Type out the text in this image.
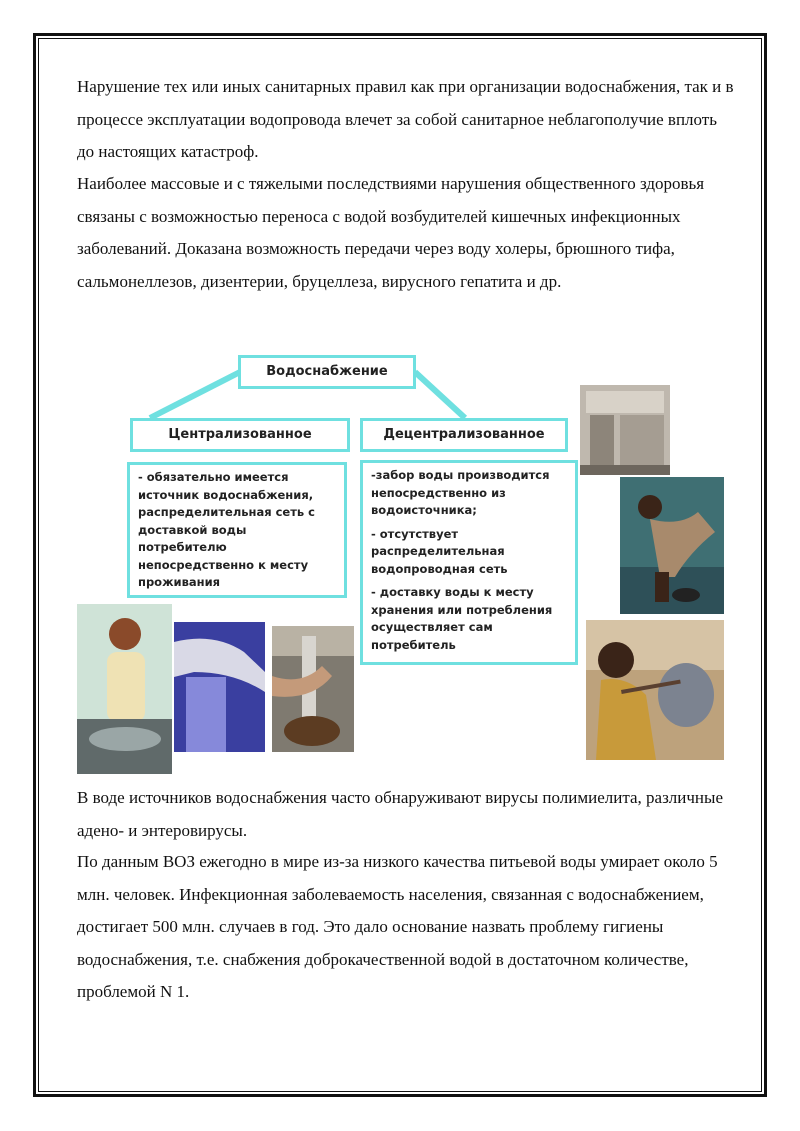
Нарушение тех или иных санитарных правил как при организации водоснабжения, так и в процессе эксплуатации водопровода влечет за собой санитарное неблагополучие вплоть до настоящих катастроф.

Наиболее массовые и с тяжелыми последствиями нарушения общественного здоровья связаны с возможностью переноса с водой возбудителей кишечных инфекционных заболеваний. Доказана возможность передачи через воду холеры, брюшного тифа, сальмонеллезов, дизентерии, бруцеллеза, вирусного гепатита и др.

Водоснабжение
Централизованное	Децентрализованное
- обязательно имеется источник водоснабжения, распределительная сеть с доставкой воды потребителю непосредственно к месту проживания

-забор воды производится непосредственно из водоисточника;

- отсутствует распределительная водопроводная сеть

- доставку воды к месту хранения или потребления осуществляет сам потребитель

В воде источников водоснабжения часто обнаруживают вирусы полимиелита, различные адено- и энтеровирусы.

По данным ВОЗ ежегодно в мире из-за низкого качества питьевой воды умирает около 5 млн. человек. Инфекционная заболеваемость населения, связанная с водоснабжением, достигает 500 млн. случаев в год. Это дало основание назвать проблему гигиены водоснабжения, т.е. снабжения доброкачественной водой в достаточном количестве, проблемой N 1.
